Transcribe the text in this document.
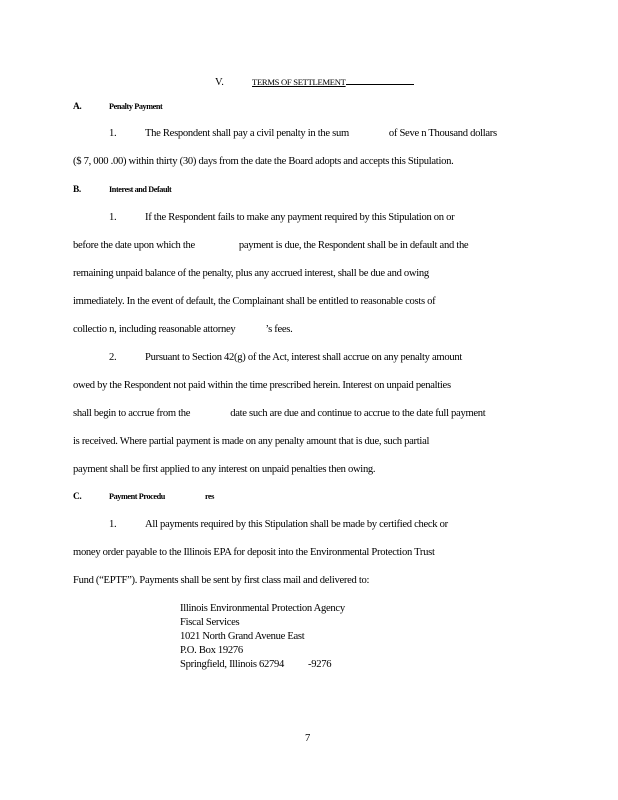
V.	TERMS OF SETTLEMENT
A.	Penalty Payment
1.	The Respondent shall pay a civil penalty in the sum	of Seve n Thousand dollars
($ 7, 000 .00) within thirty (30) days from the date the Board adopts and accepts this Stipulation.
B.	Interest and Default
1.	If the Respondent fails to make any payment required by this Stipulation on or
before the date upon which the	payment is due, the Respondent shall be in default and the
remaining unpaid balance of the penalty, plus any accrued interest, shall be due and owing
immediately. In the event of default, the Complainant shall be entitled to reasonable costs of
collectio n, including reasonable attorney	’s fees.
2.	Pursuant to Section 42(g) of the Act, interest shall accrue on any penalty amount
owed by the Respondent not paid within the time prescribed herein. Interest on unpaid penalties
shall begin to accrue from the	date such are due and continue to accrue to the date full payment
is received. Where partial payment is made on any penalty amount that is due, such partial
payment shall be first applied to any interest on unpaid penalties then owing.
C.	Payment Procedu	res
1.	All payments required by this Stipulation shall be made by certified check or
money order payable to the Illinois EPA for deposit into the Environmental Protection Trust
Fund (“EPTF”). Payments shall be sent by first class mail and delivered to:
Illinois Environmental Protection Agency
Fiscal Services
1021 North Grand Avenue East
P.O. Box 19276
Springfield, Illinois 62794 -9276
7
